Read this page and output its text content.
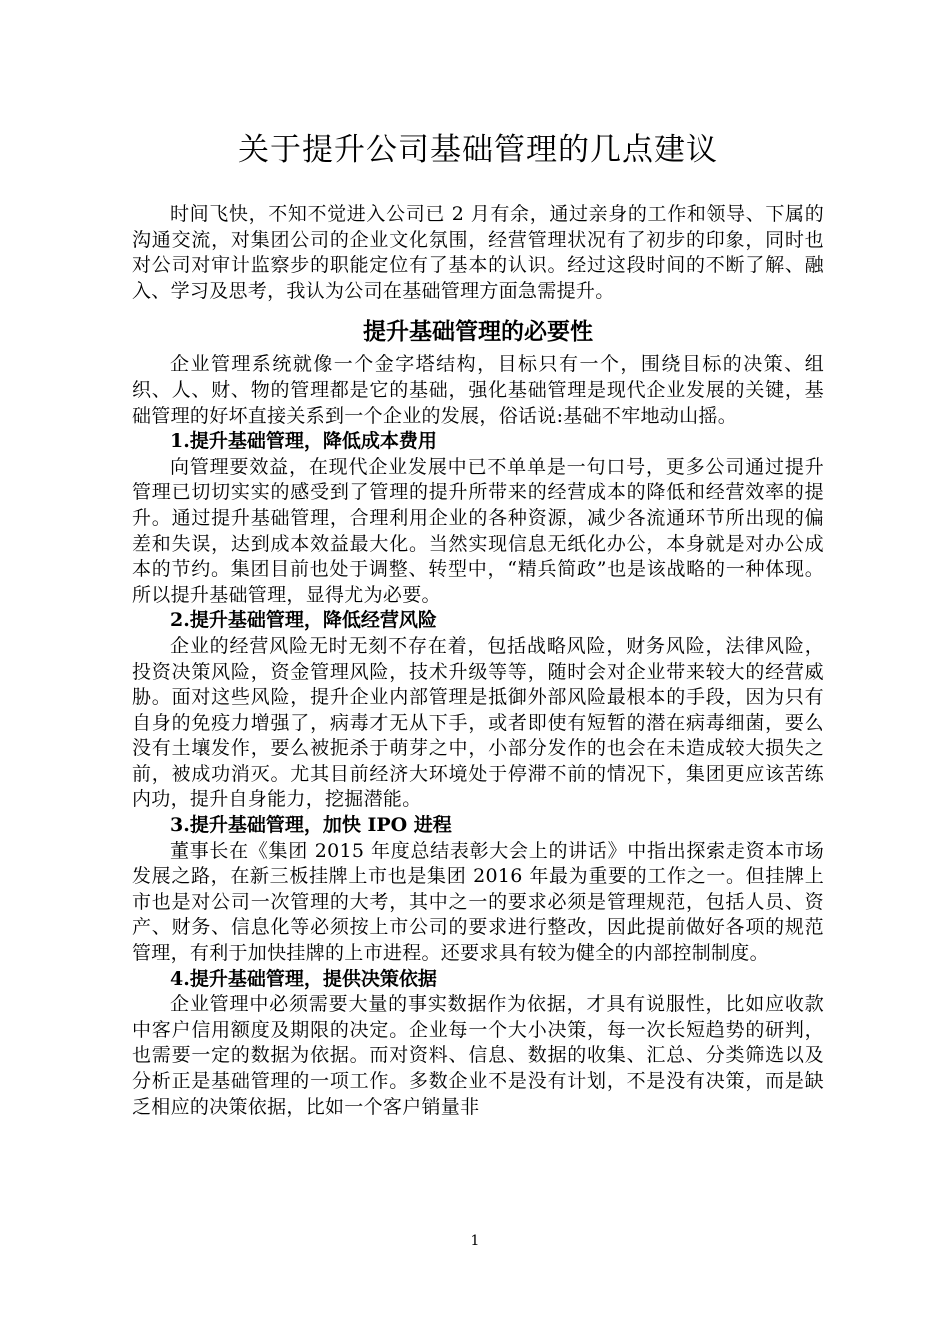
关于提升公司基础管理的几点建议

时间飞快，不知不觉进入公司已 2 月有余，通过亲身的工作和领导、下属的沟通交流，对集团公司的企业文化氛围，经营管理状况有了初步的印象，同时也对公司对审计监察步的职能定位有了基本的认识。经过这段时间的不断了解、融入、学习及思考，我认为公司在基础管理方面急需提升。

提升基础管理的必要性

企业管理系统就像一个金字塔结构，目标只有一个，围绕目标的决策、组织、人、财、物的管理都是它的基础，强化基础管理是现代企业发展的关键，基础管理的好坏直接关系到一个企业的发展，俗话说:基础不牢地动山摇。

1.提升基础管理，降低成本费用

向管理要效益，在现代企业发展中已不单单是一句口号，更多公司通过提升管理已切切实实的感受到了管理的提升所带来的经营成本的降低和经营效率的提升。通过提升基础管理，合理利用企业的各种资源，减少各流通环节所出现的偏差和失误，达到成本效益最大化。当然实现信息无纸化办公，本身就是对办公成本的节约。集团目前也处于调整、转型中，“精兵简政”也是该战略的一种体现。所以提升基础管理，显得尤为必要。

2.提升基础管理，降低经营风险

企业的经营风险无时无刻不存在着，包括战略风险，财务风险，法律风险，投资决策风险，资金管理风险，技术升级等等，随时会对企业带来较大的经营威胁。面对这些风险，提升企业内部管理是抵御外部风险最根本的手段，因为只有自身的免疫力增强了，病毒才无从下手，或者即使有短暂的潜在病毒细菌，要么没有土壤发作，要么被扼杀于萌芽之中，小部分发作的也会在未造成较大损失之前，被成功消灭。尤其目前经济大环境处于停滞不前的情况下，集团更应该苦练内功，提升自身能力，挖掘潜能。

3.提升基础管理，加快 IPO 进程

董事长在《集团 2015 年度总结表彰大会上的讲话》中指出探索走资本市场发展之路，在新三板挂牌上市也是集团 2016 年最为重要的工作之一。但挂牌上市也是对公司一次管理的大考，其中之一的要求必须是管理规范，包括人员、资产、财务、信息化等必须按上市公司的要求进行整改，因此提前做好各项的规范管理，有利于加快挂牌的上市进程。还要求具有较为健全的内部控制制度。

4.提升基础管理，提供决策依据

企业管理中必须需要大量的事实数据作为依据，才具有说服性，比如应收款中客户信用额度及期限的决定。企业每一个大小决策，每一次长短趋势的研判，也需要一定的数据为依据。而对资料、信息、数据的收集、汇总、分类筛选以及分析正是基础管理的一项工作。多数企业不是没有计划，不是没有决策，而是缺乏相应的决策依据，比如一个客户销量非

1
